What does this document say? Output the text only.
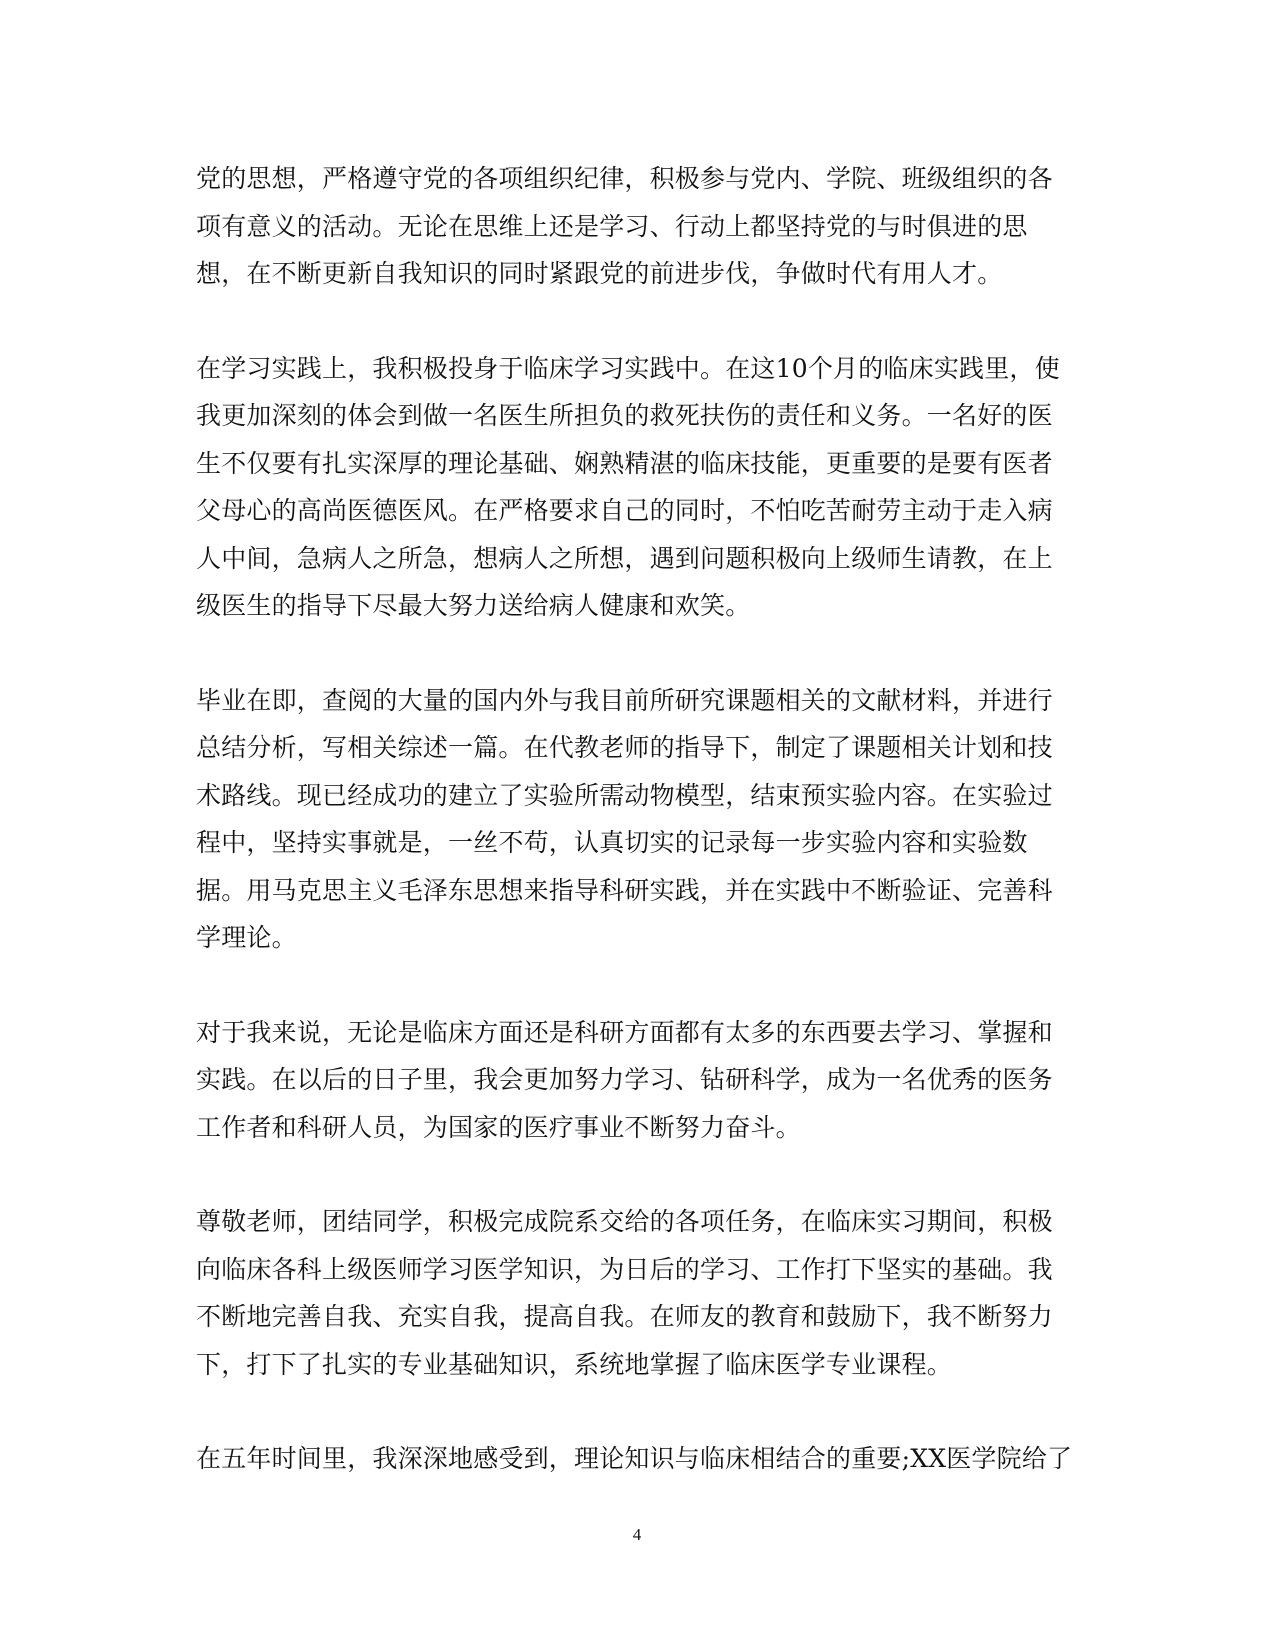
党的思想，严格遵守党的各项组织纪律，积极参与党内、学院、班级组织的各项有意义的活动。无论在思维上还是学习、行动上都坚持党的与时俱进的思想，在不断更新自我知识的同时紧跟党的前进步伐，争做时代有用人才。

在学习实践上，我积极投身于临床学习实践中。在这10个月的临床实践里，使我更加深刻的体会到做一名医生所担负的救死扶伤的责任和义务。一名好的医生不仅要有扎实深厚的理论基础、娴熟精湛的临床技能，更重要的是要有医者父母心的高尚医德医风。在严格要求自己的同时，不怕吃苦耐劳主动于走入病人中间，急病人之所急，想病人之所想，遇到问题积极向上级师生请教，在上级医生的指导下尽最大努力送给病人健康和欢笑。

毕业在即，查阅的大量的国内外与我目前所研究课题相关的文献材料，并进行总结分析，写相关综述一篇。在代教老师的指导下，制定了课题相关计划和技术路线。现已经成功的建立了实验所需动物模型，结束预实验内容。在实验过程中，坚持实事就是，一丝不苟，认真切实的记录每一步实验内容和实验数据。用马克思主义毛泽东思想来指导科研实践，并在实践中不断验证、完善科学理论。

对于我来说，无论是临床方面还是科研方面都有太多的东西要去学习、掌握和实践。在以后的日子里，我会更加努力学习、钻研科学，成为一名优秀的医务工作者和科研人员，为国家的医疗事业不断努力奋斗。

尊敬老师，团结同学，积极完成院系交给的各项任务，在临床实习期间，积极向临床各科上级医师学习医学知识，为日后的学习、工作打下坚实的基础。我不断地完善自我、充实自我，提高自我。在师友的教育和鼓励下，我不断努力下，打下了扎实的专业基础知识，系统地掌握了临床医学专业课程。

在五年时间里，我深深地感受到，理论知识与临床相结合的重要;XX医学院给了

4
